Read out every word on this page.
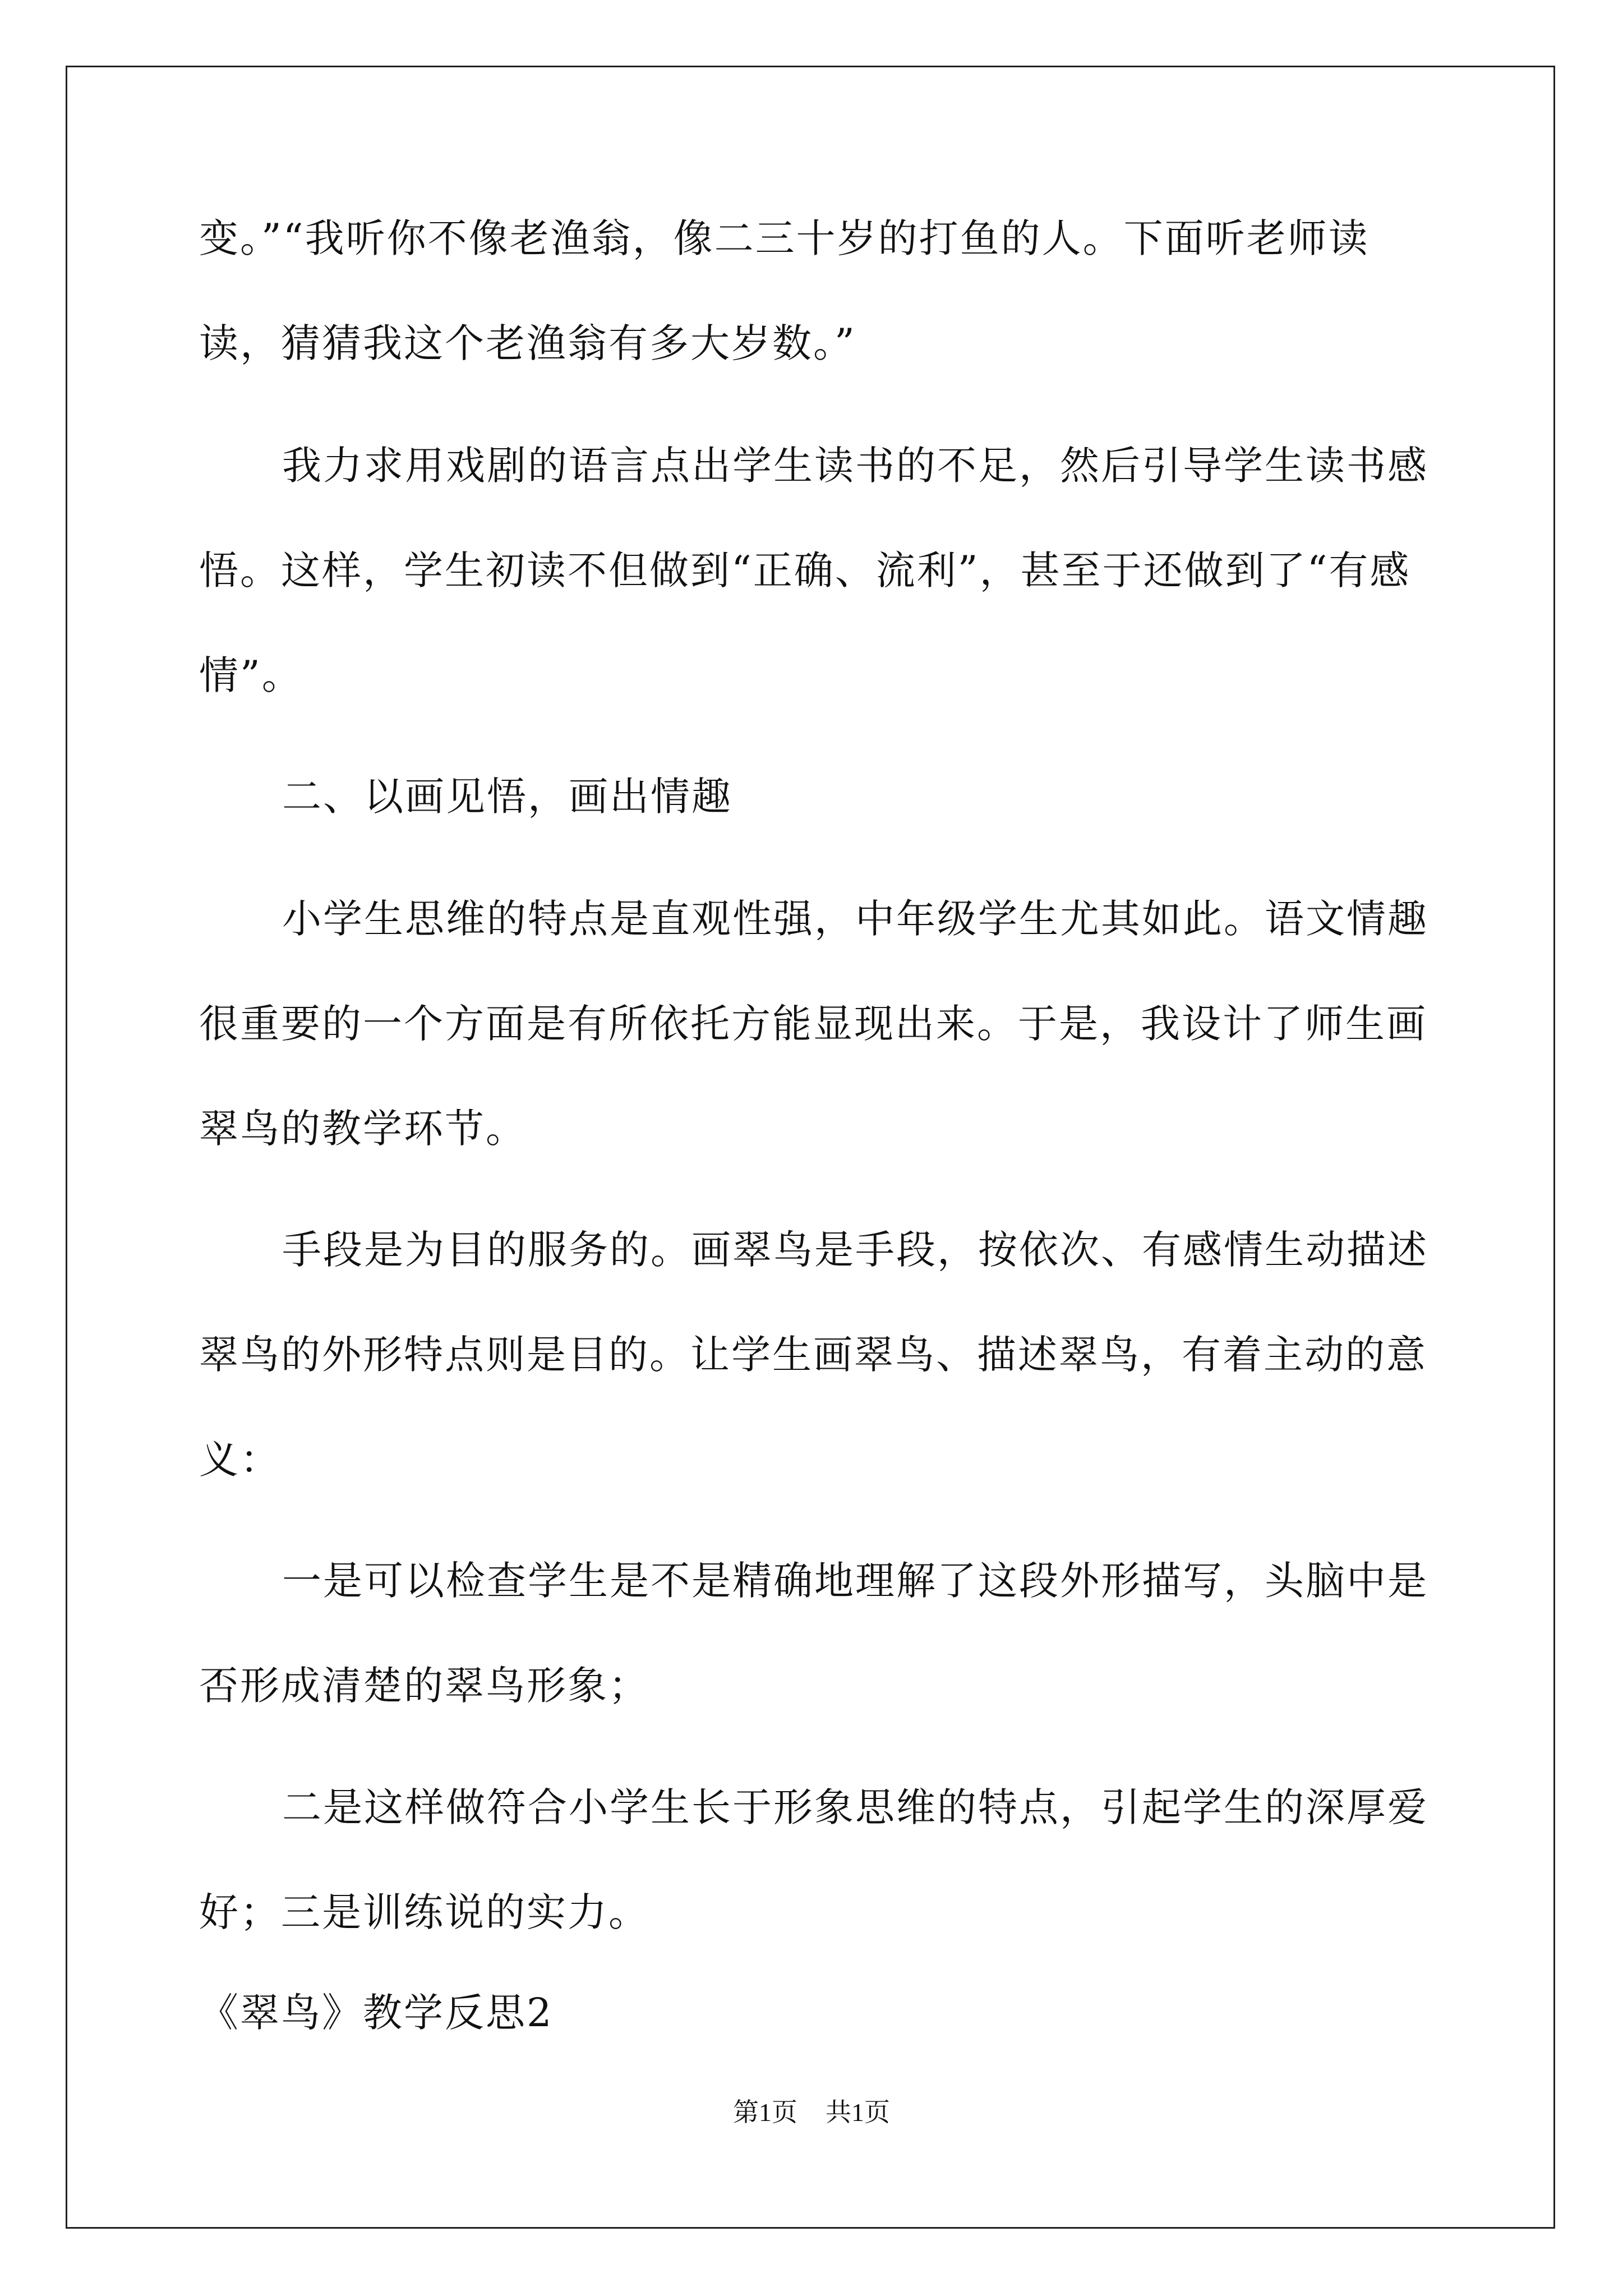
变。”“我听你不像老渔翁，像二三十岁的打鱼的人。下面听老师读
读，猜猜我这个老渔翁有多大岁数。”
我力求用戏剧的语言点出学生读书的不足，然后引导学生读书感
悟。这样，学生初读不但做到“正确、流利”，甚至于还做到了“有感
情”。
二、以画见悟，画出情趣
小学生思维的特点是直观性强，中年级学生尤其如此。语文情趣
很重要的一个方面是有所依托方能显现出来。于是，我设计了师生画
翠鸟的教学环节。
手段是为目的服务的。画翠鸟是手段，按依次、有感情生动描述
翠鸟的外形特点则是目的。让学生画翠鸟、描述翠鸟，有着主动的意
义：
一是可以检查学生是不是精确地理解了这段外形描写，头脑中是
否形成清楚的翠鸟形象；
二是这样做符合小学生长于形象思维的特点，引起学生的深厚爱
好；三是训练说的实力。
《翠鸟》教学反思2
第1页 共1页
